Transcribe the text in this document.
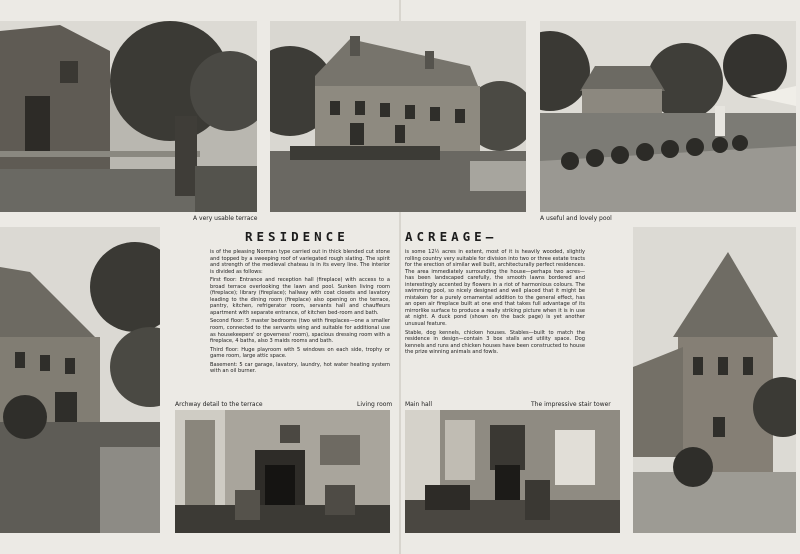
A very usable terrace	A useful and lovely pool
Archway detail to the terrace	The impressive stair tower
Living room Main hall
RESIDENCE	ACREAGE—

is of the pleasing Norman type carried out in thick blended cut stone and topped by a sweeping roof of variegated rough slating. The spirit and strength of the medieval chateau is in its every line. The interior is divided as follows:

First floor: Entrance and reception hall (fireplace) with access to a broad terrace overlooking the lawn and pool. Sunken living room (fireplace); library (fireplace); hallway with coat closets and lavatory leading to the dining room (fireplace) also opening on the terrace, pantry, kitchen, refrigerator room, servants hall and chauffeurs apartment with separate entrance, of kitchen bed-room and bath.

Second floor: 5 master bedrooms (two with fireplaces—one a smaller room, connected to the servants wing and suitable for additional use as housekeepers' or governess' room), spacious dressing room with a fireplace, 4 baths, also 3 maids rooms and bath.

Third floor: Huge playroom with 5 windows on each side, trophy or game room, large attic space.

Basement: 5 car garage, lavatory, laundry, hot water heating system with an oil burner.

is some 12½ acres in extent, most of it is heavily wooded, slightly rolling country very suitable for division into two or three estate tracts for the erection of similar well built, architecturally perfect residences. The area immediately surrounding the house—perhaps two acres—has been landscaped carefully, the smooth lawns bordered and interestingly accented by flowers in a riot of harmonious colours. The swimming pool, so nicely designed and well placed that it might be mistaken for a purely ornamental addition to the general effect, has an open air fireplace built at one end that takes full advantage of its mirrorlike surface to produce a really striking picture when it is in use at night. A duck pond (shown on the back page) is yet another unusual feature.

Stable, dog kennels, chicken houses. Stables—built to match the residence in design—contain 3 box stalls and utility space. Dog kennels and runs and chicken houses have been constructed to house the prize winning animals and fowls.
